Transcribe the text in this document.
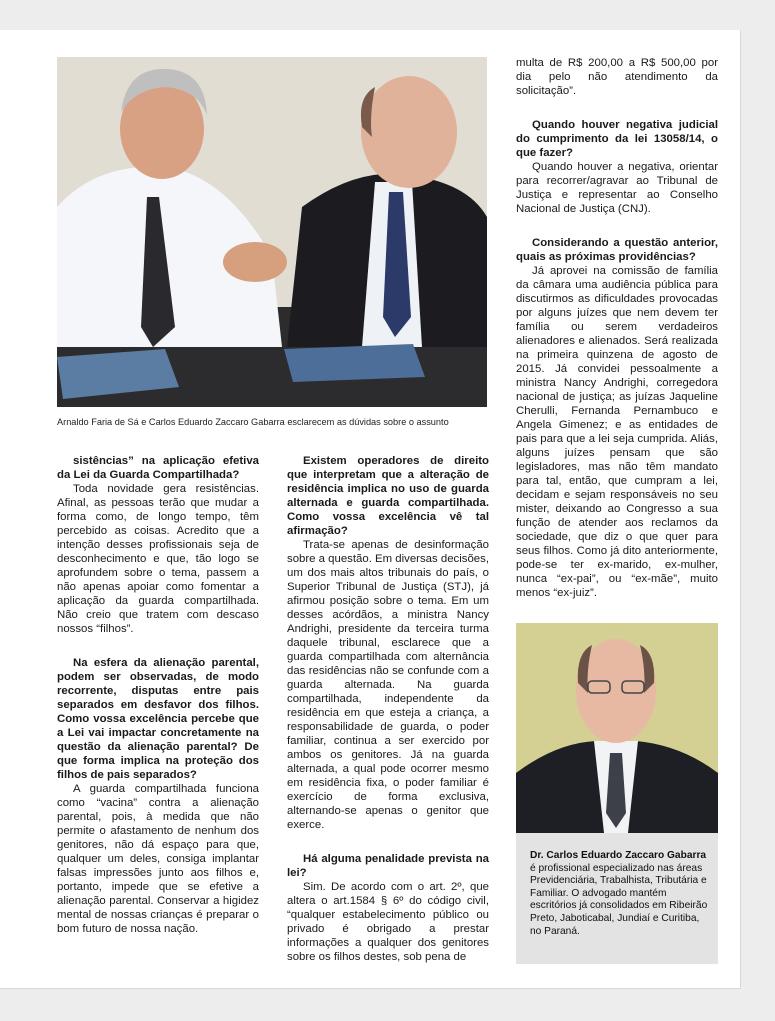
Arnaldo Faria de Sá e Carlos Eduardo Zaccaro Gabarra esclarecem as dúvidas sobre o assunto

sistências” na aplicação efetiva da Lei da Guarda Compartilhada?

Toda novidade gera resistências. Afinal, as pessoas terão que mudar a forma como, de longo tempo, têm percebido as coisas. Acredito que a intenção desses profissionais seja de desconhecimento e que, tão logo se aprofundem sobre o tema, passem a não apenas apoiar como fomentar a aplicação da guarda compartilhada. Não creio que tratem com descaso nossos “filhos”.

Na esfera da alienação parental, podem ser observadas, de modo recorrente, disputas entre pais separados em desfavor dos filhos. Como vossa excelência percebe que a Lei vai impactar concretamente na questão da alienação parental? De que forma implica na proteção dos filhos de pais separados?

A guarda compartilhada funciona como “vacina” contra a alienação parental, pois, à medida que não permite o afastamento de nenhum dos genitores, não dá espaço para que, qualquer um deles, consiga implantar falsas impressões junto aos filhos e, portanto, impede que se efetive a alienação parental. Conservar a higidez mental de nossas crianças é preparar o bom futuro de nossa nação.

Existem operadores de direito que interpretam que a alteração de residência implica no uso de guarda alternada e guarda compartilhada. Como vossa excelência vê tal afirmação?

Trata-se apenas de desinformação sobre a questão. Em diversas decisões, um dos mais altos tribunais do país, o Superior Tribunal de Justiça (STJ), já afirmou posição sobre o tema. Em um desses acórdãos, a ministra Nancy Andrighi, presidente da terceira turma daquele tribunal, esclarece que a guarda compartilhada com alternância das residências não se confunde com a guarda alternada. Na guarda compartilhada, independente da residência em que esteja a criança, a responsabilidade de guarda, o poder familiar, continua a ser exercido por ambos os genitores. Já na guarda alternada, a qual pode ocorrer mesmo em residência fixa, o poder familiar é exercício de forma exclusiva, alternando-se apenas o genitor que exerce.

Há alguma penalidade prevista na lei?

Sim. De acordo com o art. 2º, que altera o art.1584 § 6º do código civil, “qualquer estabelecimento público ou privado é obrigado a prestar informações a qualquer dos genitores sobre os filhos destes, sob pena de

multa de R$ 200,00 a R$ 500,00 por dia pelo não atendimento da solicitação”.

Quando houver negativa judicial do cumprimento da lei 13058/14, o que fazer?

Quando houver a negativa, orientar para recorrer/agravar ao Tribunal de Justiça e representar ao Conselho Nacional de Justiça (CNJ).

Considerando a questão anterior, quais as próximas providências?

Já aprovei na comissão de família da câmara uma audiência pública para discutirmos as dificuldades provocadas por alguns juízes que nem devem ter família ou serem verdadeiros alienadores e alienados. Será realizada na primeira quinzena de agosto de 2015. Já convidei pessoalmente a ministra Nancy Andrighi, corregedora nacional de justiça; as juízas Jaqueline Cherulli, Fernanda Pernambuco e Angela Gimenez; e as entidades de pais para que a lei seja cumprida. Aliás, alguns juízes pensam que são legisladores, mas não têm mandato para tal, então, que cumpram a lei, decidam e sejam responsáveis no seu mister, deixando ao Congresso a sua função de atender aos reclamos da sociedade, que diz o que quer para seus filhos. Como já dito anteriormente, pode-se ter ex-marido, ex-mulher, nunca “ex-pai”, ou “ex-mãe”, muito menos “ex-juiz”.

Dr. Carlos Eduardo Zaccaro Gabarra é profissional especializado nas áreas Previdenciária, Trabalhista, Tributária e Familiar. O advogado mantém escritórios já consolidados em Ribeirão Preto, Jaboticabal, Jundiaí e Curitiba, no Paraná.
